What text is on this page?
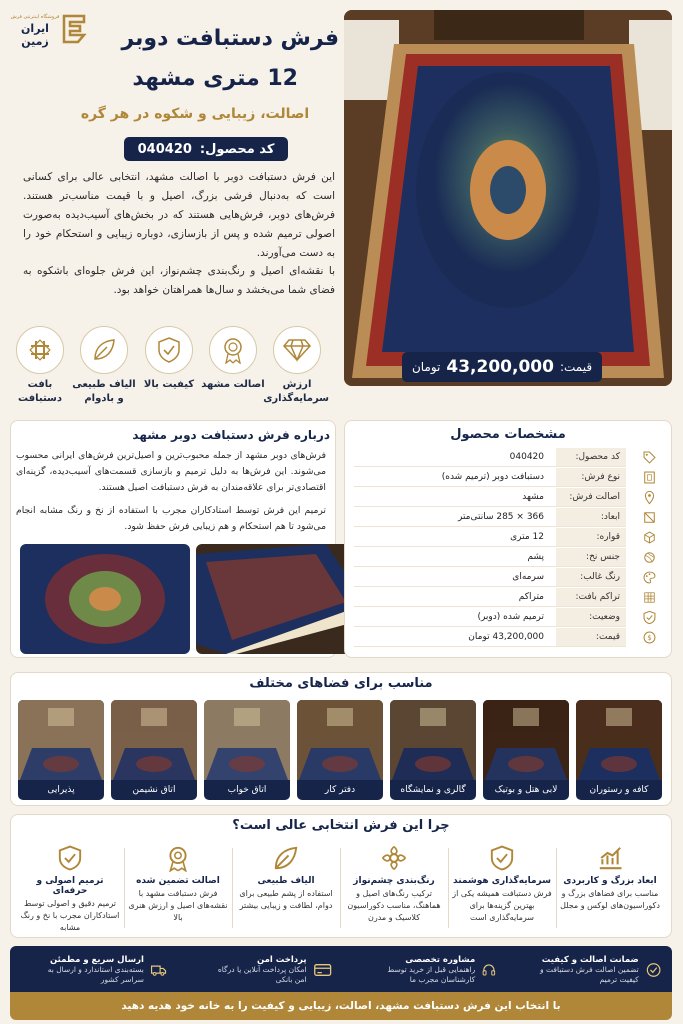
فروشگاه اینترنتی فرش
ایران زمین	فرش دستبافت دوبر
12 متری مشهد
اصالت، زیبایی و شکوه در هر گره
کد محصول:
040420
این فرش دستبافت دوبر با اصالت مشهد، انتخابی عالی برای کسانی است که به‌دنبال فرشی بزرگ، اصیل و با قیمت مناسب‌تر هستند. فرش‌های دوبر، فرش‌هایی هستند که در بخش‌های آسیب‌دیده به‌صورت اصولی ترمیم شده و پس از بازسازی، دوباره زیبایی و استحکام خود را به دست می‌آورند.
با نقشه‌ای اصیل و رنگ‌بندی چشم‌نواز، این فرش جلوه‌ای باشکوه به فضای شما می‌بخشد و سال‌ها همراهتان خواهد بود.
قیمت:
43,200,000
تومان
ارزش سرمایه‌گذاری
اصالت مشهد
کیفیت بالا
الیاف طبیعی و بادوام
بافت دستبافت
درباره فرش دستبافت دوبر مشهد
فرش‌های دوبر مشهد از جمله محبوب‌ترین و اصیل‌ترین فرش‌های ایرانی محسوب می‌شوند. این فرش‌ها به دلیل ترمیم و بازسازی قسمت‌های آسیب‌دیده، گزینه‌ای اقتصادی‌تر برای علاقه‌مندان به فرش دستبافت اصیل هستند.
ترمیم این فرش توسط استادکاران مجرب با استفاده از نخ و رنگ مشابه انجام می‌شود تا هم استحکام و هم زیبایی فرش حفظ شود.
مشخصات محصول
کد محصول:
040420
نوع فرش:
دستبافت دوبر (ترمیم شده)
اصالت فرش:
مشهد
ابعاد:
366 × 285 سانتی‌متر
قواره:
12 متری
جنس نخ:
پشم
رنگ غالب:
سرمه‌ای
تراکم بافت:
متراکم
وضعیت:
ترمیم شده (دوبر)
قیمت:
43,200,000 تومان	$
مناسب برای فضاهای مختلف
کافه و رستوران
لابی هتل و بوتیک
گالری و نمایشگاه
دفتر کار
اتاق خواب
اتاق نشیمن
پذیرایی
چرا این فرش انتخابی عالی است؟
ابعاد بزرگ و کاربردی
مناسب برای فضاهای بزرگ و دکوراسیون‌های لوکس و مجلل
سرمایه‌گذاری هوشمند
فرش دستبافت همیشه یکی از بهترین گزینه‌ها برای سرمایه‌گذاری است
رنگ‌بندی چشم‌نواز
ترکیب رنگ‌های اصیل و هماهنگ، مناسب دکوراسیون کلاسیک و مدرن
الیاف طبیعی
استفاده از پشم طبیعی برای دوام، لطافت و زیبایی بیشتر
اصالت تضمین شده
فرش دستبافت مشهد با نقشه‌های اصیل و ارزش هنری بالا
ترمیم اصولی و حرفه‌ای
ترمیم دقیق و اصولی توسط استادکاران مجرب با نخ و رنگ مشابه
ضمانت اصالت و کیفیت
تضمین اصالت فرش دستبافت و کیفیت ترمیم
مشاوره تخصصی
راهنمایی قبل از خرید توسط کارشناسان مجرب ما
پرداخت امن
امکان پرداخت آنلاین یا درگاه امن بانکی
ارسال سریع و مطمئن
بسته‌بندی استاندارد و ارسال به سراسر کشور
با انتخاب این فرش دستبافت مشهد، اصالت، زیبایی و کیفیت را به خانه خود هدیه دهید
